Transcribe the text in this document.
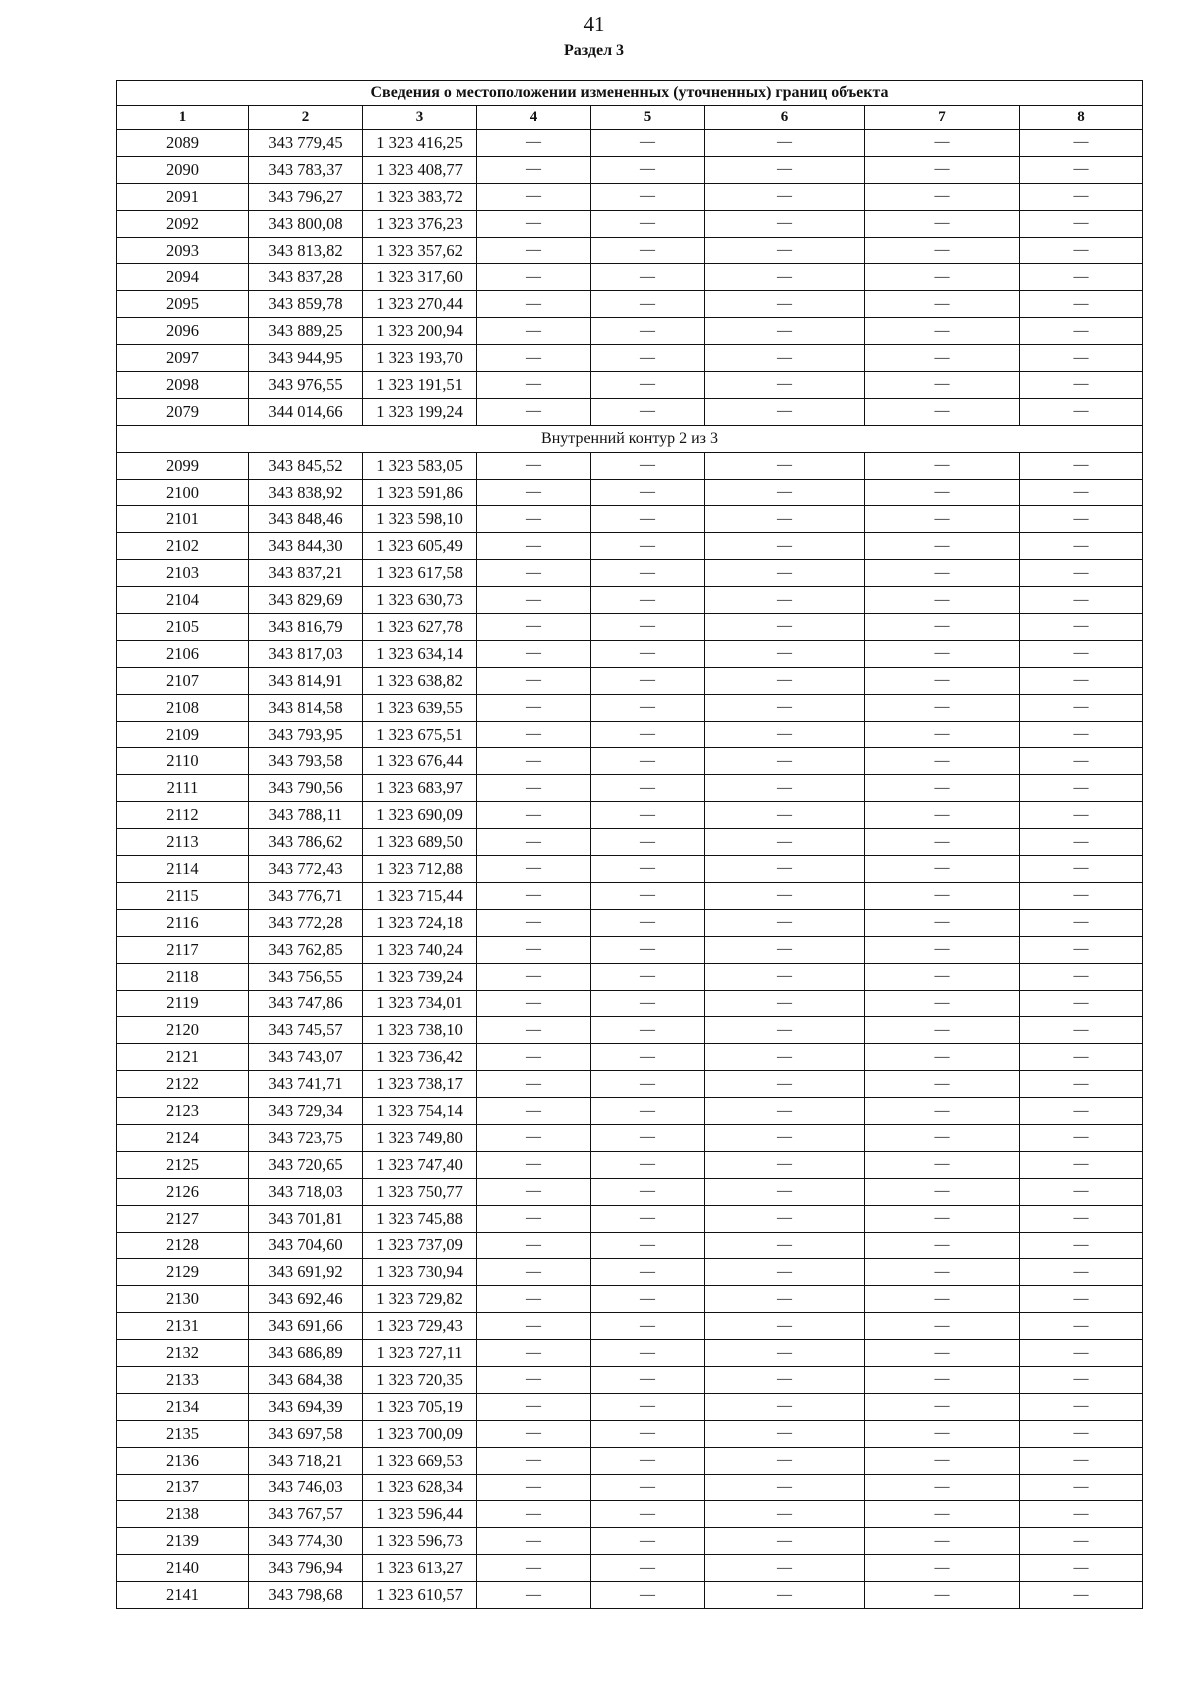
41
Раздел 3
Сведения о местоположении измененных (уточненных) границ объекта							
1	2	3	4	5	6	7	8
2089	343 779,45	1 323 416,25	—	—	—	—	—
2090	343 783,37	1 323 408,77	—	—	—	—	—
2091	343 796,27	1 323 383,72	—	—	—	—	—
2092	343 800,08	1 323 376,23	—	—	—	—	—
2093	343 813,82	1 323 357,62	—	—	—	—	—
2094	343 837,28	1 323 317,60	—	—	—	—	—
2095	343 859,78	1 323 270,44	—	—	—	—	—
2096	343 889,25	1 323 200,94	—	—	—	—	—
2097	343 944,95	1 323 193,70	—	—	—	—	—
2098	343 976,55	1 323 191,51	—	—	—	—	—
2079	344 014,66	1 323 199,24	—	—	—	—	—
Внутренний контур 2 из 3							
2099	343 845,52	1 323 583,05	—	—	—	—	—
2100	343 838,92	1 323 591,86	—	—	—	—	—
2101	343 848,46	1 323 598,10	—	—	—	—	—
2102	343 844,30	1 323 605,49	—	—	—	—	—
2103	343 837,21	1 323 617,58	—	—	—	—	—
2104	343 829,69	1 323 630,73	—	—	—	—	—
2105	343 816,79	1 323 627,78	—	—	—	—	—
2106	343 817,03	1 323 634,14	—	—	—	—	—
2107	343 814,91	1 323 638,82	—	—	—	—	—
2108	343 814,58	1 323 639,55	—	—	—	—	—
2109	343 793,95	1 323 675,51	—	—	—	—	—
2110	343 793,58	1 323 676,44	—	—	—	—	—
2111	343 790,56	1 323 683,97	—	—	—	—	—
2112	343 788,11	1 323 690,09	—	—	—	—	—
2113	343 786,62	1 323 689,50	—	—	—	—	—
2114	343 772,43	1 323 712,88	—	—	—	—	—
2115	343 776,71	1 323 715,44	—	—	—	—	—
2116	343 772,28	1 323 724,18	—	—	—	—	—
2117	343 762,85	1 323 740,24	—	—	—	—	—
2118	343 756,55	1 323 739,24	—	—	—	—	—
2119	343 747,86	1 323 734,01	—	—	—	—	—
2120	343 745,57	1 323 738,10	—	—	—	—	—
2121	343 743,07	1 323 736,42	—	—	—	—	—
2122	343 741,71	1 323 738,17	—	—	—	—	—
2123	343 729,34	1 323 754,14	—	—	—	—	—
2124	343 723,75	1 323 749,80	—	—	—	—	—
2125	343 720,65	1 323 747,40	—	—	—	—	—
2126	343 718,03	1 323 750,77	—	—	—	—	—
2127	343 701,81	1 323 745,88	—	—	—	—	—
2128	343 704,60	1 323 737,09	—	—	—	—	—
2129	343 691,92	1 323 730,94	—	—	—	—	—
2130	343 692,46	1 323 729,82	—	—	—	—	—
2131	343 691,66	1 323 729,43	—	—	—	—	—
2132	343 686,89	1 323 727,11	—	—	—	—	—
2133	343 684,38	1 323 720,35	—	—	—	—	—
2134	343 694,39	1 323 705,19	—	—	—	—	—
2135	343 697,58	1 323 700,09	—	—	—	—	—
2136	343 718,21	1 323 669,53	—	—	—	—	—
2137	343 746,03	1 323 628,34	—	—	—	—	—
2138	343 767,57	1 323 596,44	—	—	—	—	—
2139	343 774,30	1 323 596,73	—	—	—	—	—
2140	343 796,94	1 323 613,27	—	—	—	—	—
2141	343 798,68	1 323 610,57	—	—	—	—	—
